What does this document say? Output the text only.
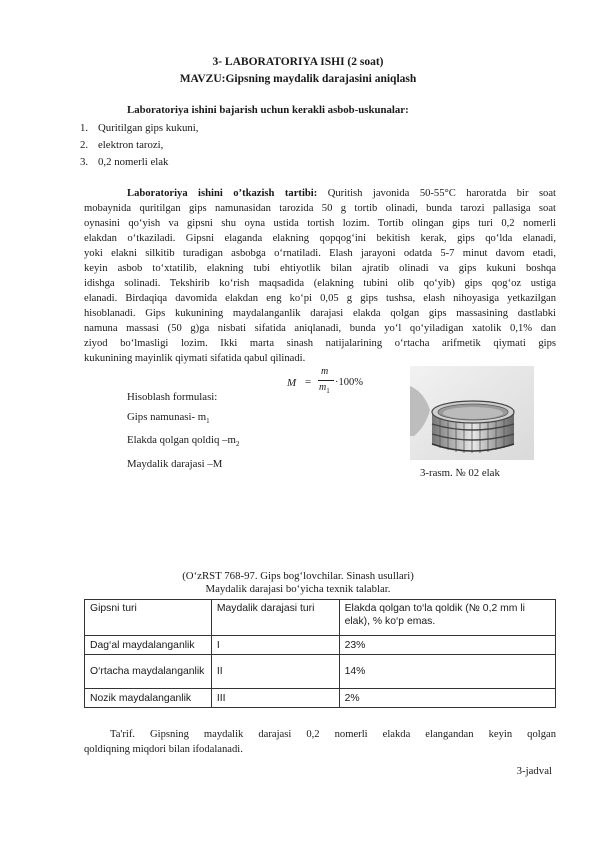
3- LABORATORIYA ISHI (2 soat)
MAVZU:Gipsning maydalik darajasini aniqlash
Laboratoriya ishini bajarish uchun kerakli asbob-uskunalar:
1. Quritilgan gips kukuni,
2. elektron tarozi,
3. 0,2 nomerli elak
Laboratoriya ishini o’tkazish tartibi: Quritish javonida 50-55°C haroratda bir soat
mobaynida quritilgan gips namunasidan tarozida 50 g tortib olinadi, bunda tarozi pallasiga soat
oynasini qo‘yish va gipsni shu oyna ustida tortish lozim. Tortib olingan gips turi 0,2 nomerli
elakdan o‘tkaziladi. Gipsni elaganda elakning qopqog‘ini bekitish kerak, gips qo‘lda elanadi,
yoki elakni silkitib turadigan asbobga o‘rnatiladi. Elash jarayoni odatda 5-7 minut davom etadi,
keyin asbob to‘xtatilib, elakning tubi ehtiyotlik bilan ajratib olinadi va gips kukuni boshqa
idishga solinadi. Tekshirib ko‘rish maqsadida (elakning tubini olib qo‘yib) gips qog‘oz ustiga
elanadi. Birdaqiqa davomida elakdan eng ko‘pi 0,05 g gips tushsa, elash nihoyasiga yetkazilgan
hisoblanadi. Gips kukunining maydalanganlik darajasi elakda qolgan gips massasining dastlabki
namuna massasi (50 g)ga nisbati sifatida aniqlanadi, bunda yo‘l qo‘yiladigan xatolik 0,1% dan
ziyod bo‘lmasligi lozim. Ikki marta sinash natijalarining o‘rtacha arifmetik qiymati gips
kukunining mayinlik qiymati sifatida qabul qilinadi.
M =
m
$m_1$
·100%
Hisoblash formulasi:
Gips namunasi- $m_1$
Elakda qolgan qoldiq $-m_2$
Maydalik darajasi –M
3-rasm. № 02 elak
(O‘zRST 768-97. Gips bog‘lovchilar. Sinash usullari)
Maydalik darajasi bo‘yicha texnik talablar.
Gipsni turi	Maydalik darajasi turi	Elakda qolgan to‘la qoldik (№ 0,2 mm li elak), % ko‘p emas.
Dag‘al maydalanganlik	I	23%
O‘rtacha maydalanganlik	II	14%
Nozik maydalanganlik	III	2%
Ta'rif. Gipsning maydalik darajasi 0,2 nomerli elakda elangandan keyin qolgan
qoldiqning miqdori bilan ifodalanadi.
3-jadval
